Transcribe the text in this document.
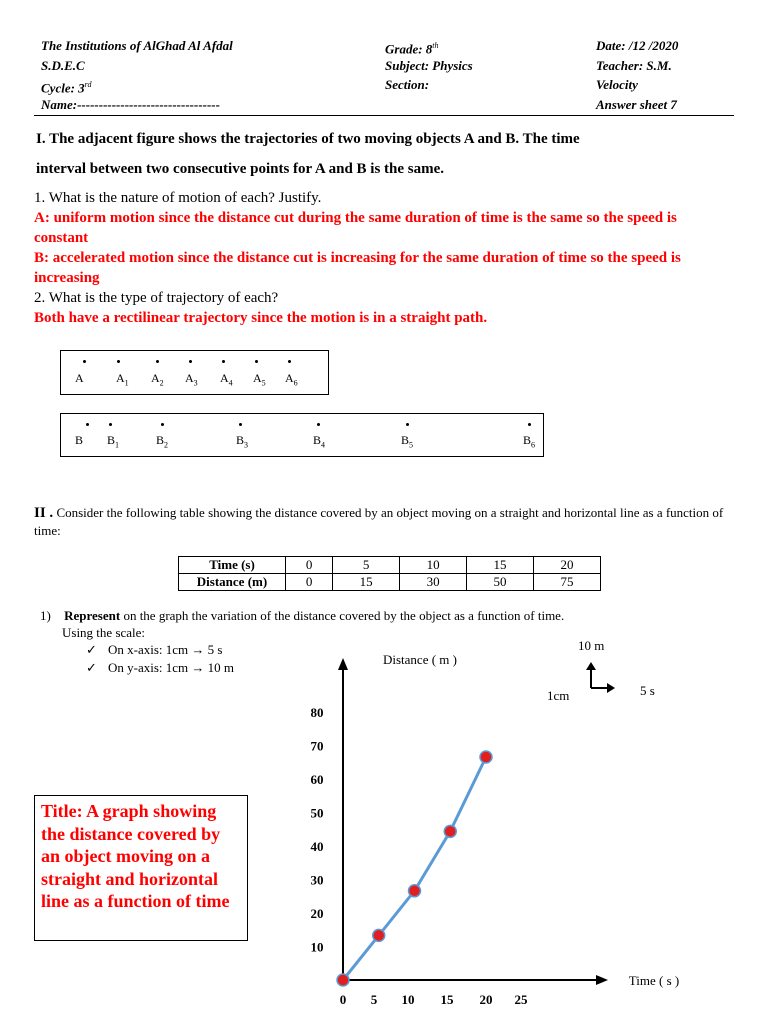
The Institutions of AlGhad Al Afdal
S.D.E.C
Cycle: 3rd
Name:---------------------------------
Grade: 8th
Subject: Physics
Section:
Date: /12 /2020
Teacher: S.M.
Velocity
Answer sheet 7
I. The adjacent figure shows the trajectories of two moving objects A and B. The time
interval between two consecutive points for A and B is the same.
1. What is the nature of motion of each? Justify.
A: uniform motion since the distance cut during the same duration of time is the same so the speed is constant
B: accelerated motion since the distance cut is increasing for the same duration of time so the speed is increasing
2. What is the type of trajectory of each?
Both have a rectilinear trajectory since the motion is in a straight path.
A	$A_1$ $A_2$ $A_3$ $A_4$ $A_5$ $A_6$
B $B_1$	$B_2$	$B_3$	$B_4$	$B_5$	$B_6$
II . Consider the following table showing the distance covered by an object moving on a straight and horizontal line as a function of time:
Time (s)	0	5	10	15	20
Distance (m)	0	15	30	50	75
1) Represent on the graph the variation of the distance covered by the object as a function of time.
Using the scale:
✓ On x-axis: 1cm → 5 s
✓ On y-axis: 1cm → 10 m
Title: A graph showing the distance covered by an object moving on a straight and horizontal line as a function of time
10 m
1cm	5 s
Distance ( m )
Time ( s )
10
20
30
40
50
60
70
80
0 5 10 15 20 25
